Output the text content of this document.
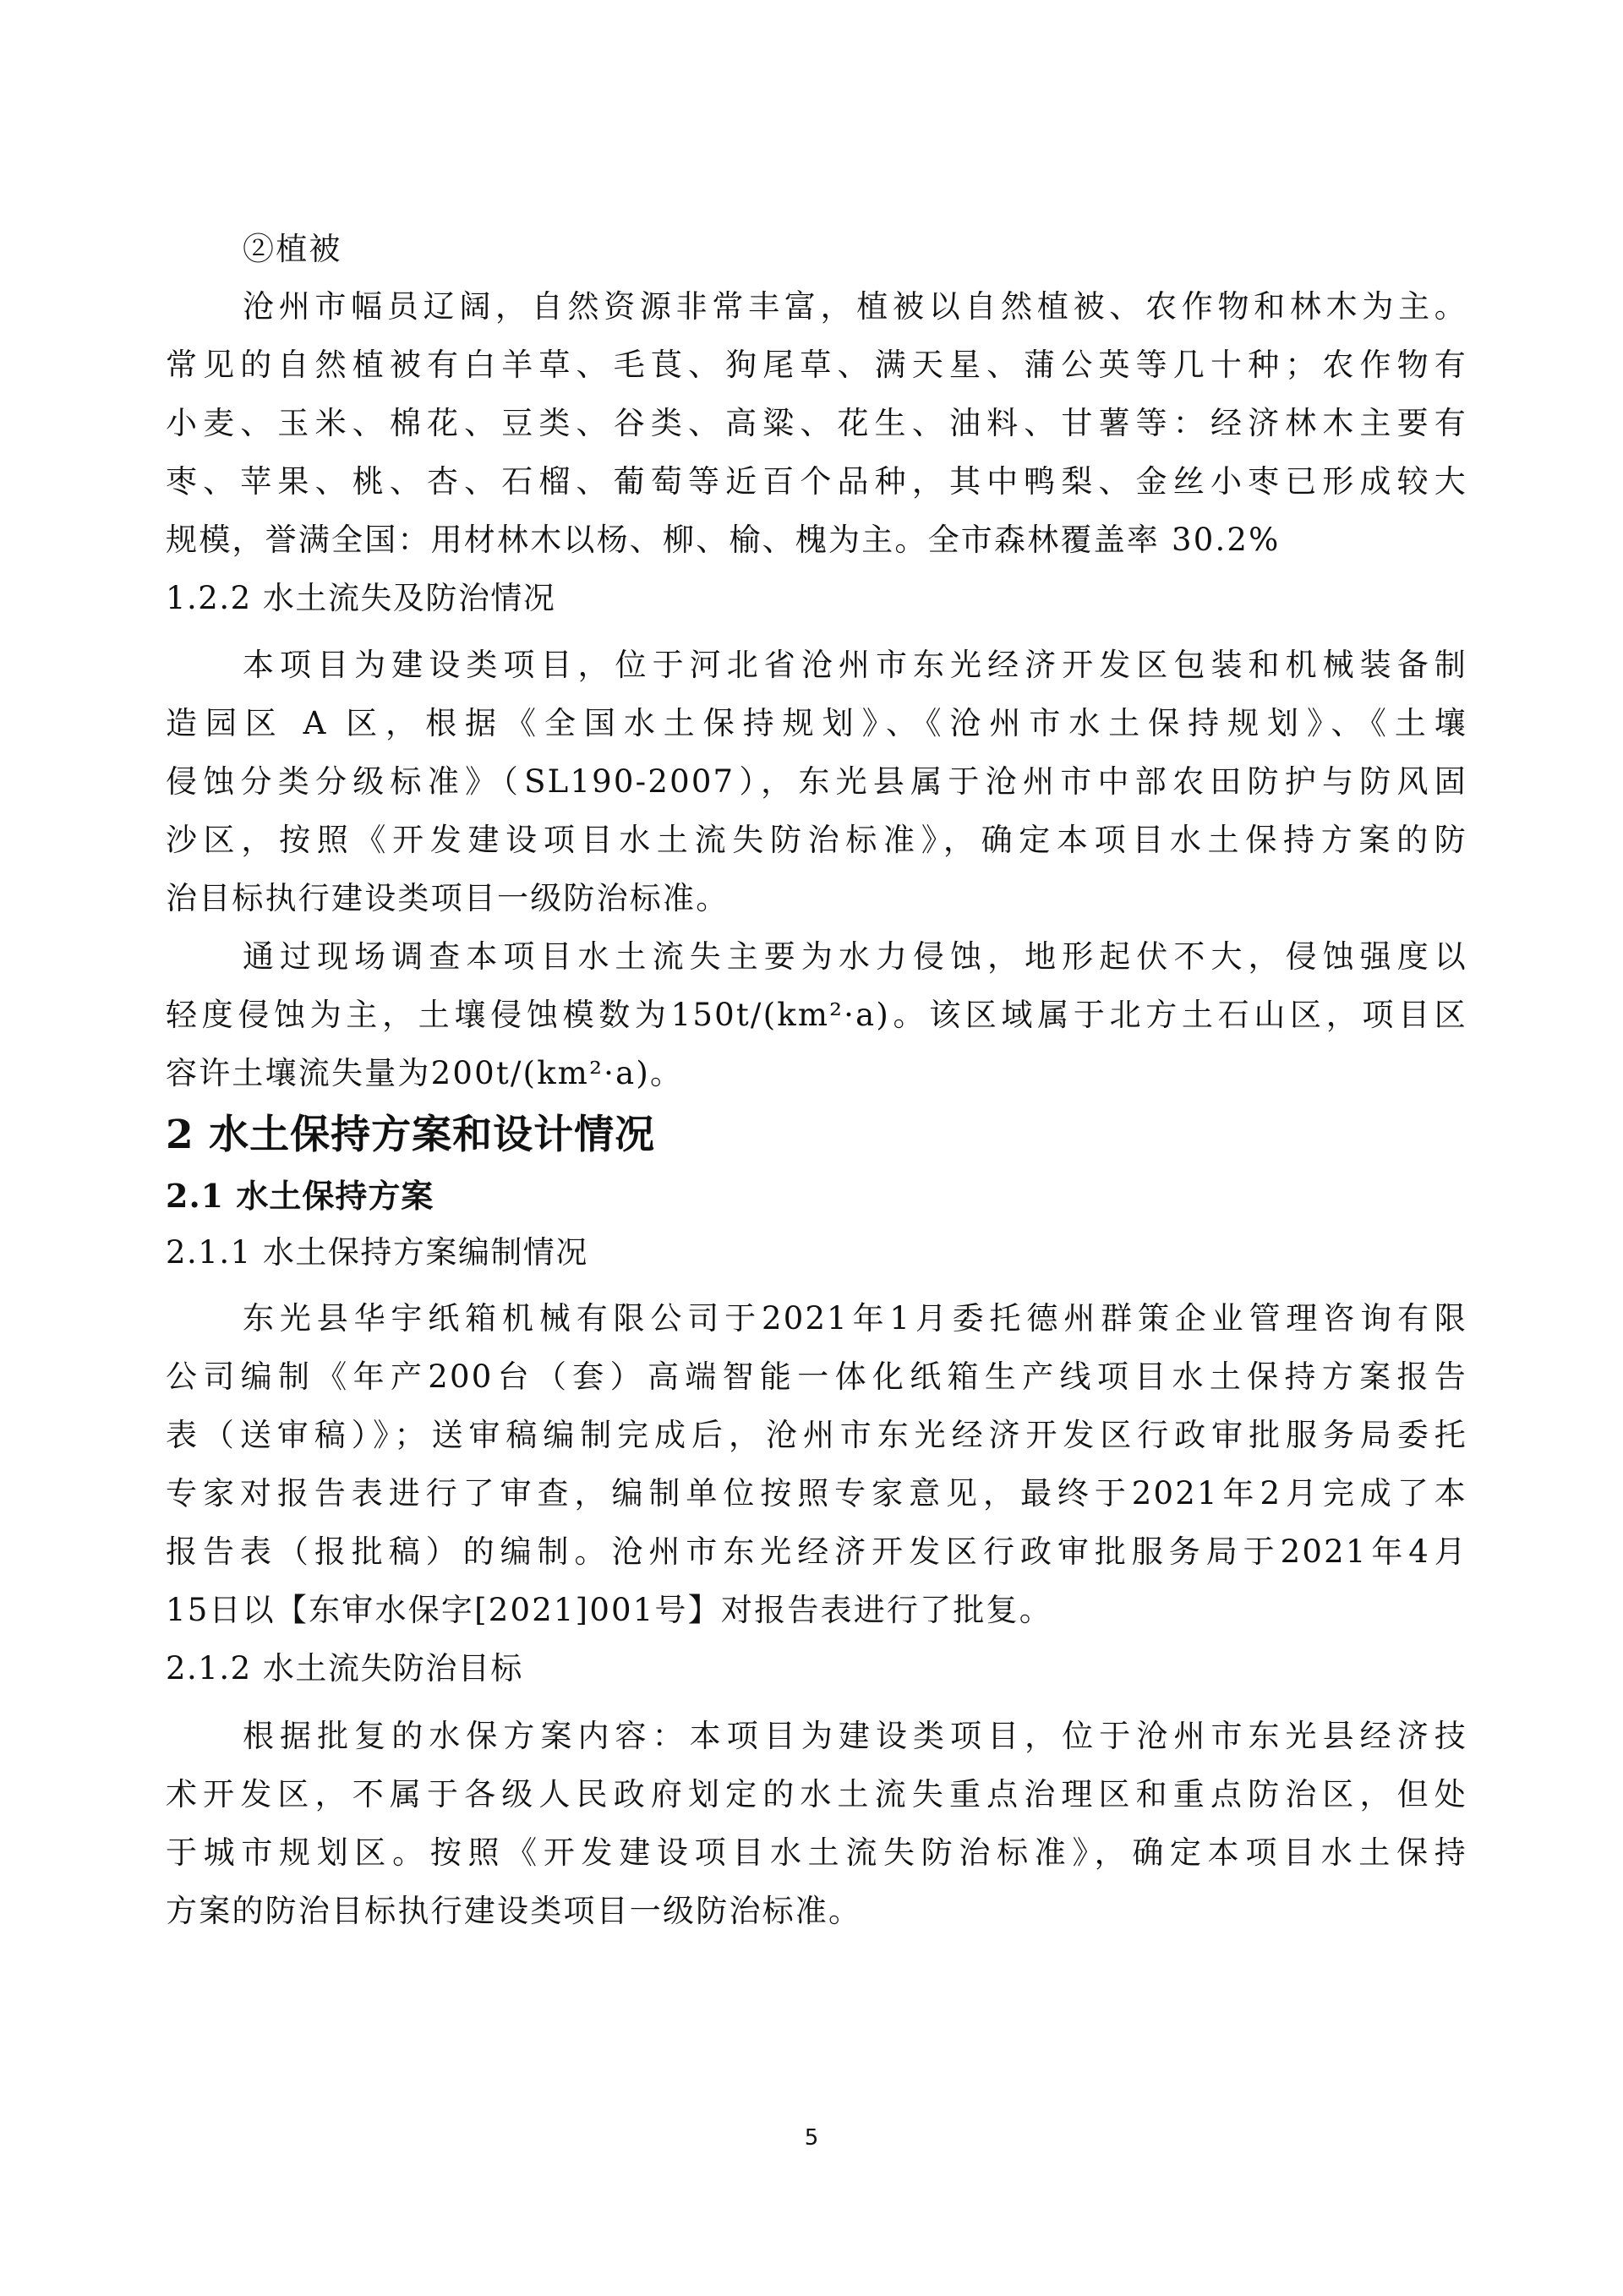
②植被
沧州市幅员辽阔，自然资源非常丰富，植被以自然植被、农作物和林木为主。
常见的自然植被有白羊草、毛茛、狗尾草、满天星、蒲公英等几十种；农作物有
小麦、玉米、棉花、豆类、谷类、高粱、花生、油料、甘薯等：经济林木主要有
枣、苹果、桃、杏、石榴、葡萄等近百个品种，其中鸭梨、金丝小枣已形成较大
规模，誉满全国：用材林木以杨、柳、榆、槐为主。全市森林覆盖率 30.2%
1.2.2 水土流失及防治情况
本项目为建设类项目，位于河北省沧州市东光经济开发区包装和机械装备制
造园区 A 区，根据《全国水土保持规划》、《沧州市水土保持规划》、《土壤
侵蚀分类分级标准》（SL190-2007），东光县属于沧州市中部农田防护与防风固
沙区，按照《开发建设项目水土流失防治标准》，确定本项目水土保持方案的防
治目标执行建设类项目一级防治标准。
通过现场调查本项目水土流失主要为水力侵蚀，地形起伏不大，侵蚀强度以
轻度侵蚀为主，土壤侵蚀模数为150t/(km²·a)。该区域属于北方土石山区，项目区
容许土壤流失量为200t/(km²·a)。
2 水土保持方案和设计情况
2.1 水土保持方案
2.1.1 水土保持方案编制情况
东光县华宇纸箱机械有限公司于2021年1月委托德州群策企业管理咨询有限
公司编制《年产200台（套）高端智能一体化纸箱生产线项目水土保持方案报告
表（送审稿）》；送审稿编制完成后，沧州市东光经济开发区行政审批服务局委托
专家对报告表进行了审查，编制单位按照专家意见，最终于2021年2月完成了本
报告表（报批稿）的编制。沧州市东光经济开发区行政审批服务局于2021年4月
15日以【东审水保字[2021]001号】对报告表进行了批复。
2.1.2 水土流失防治目标
根据批复的水保方案内容：本项目为建设类项目，位于沧州市东光县经济技
术开发区，不属于各级人民政府划定的水土流失重点治理区和重点防治区，但处
于城市规划区。按照《开发建设项目水土流失防治标准》，确定本项目水土保持
方案的防治目标执行建设类项目一级防治标准。
5
